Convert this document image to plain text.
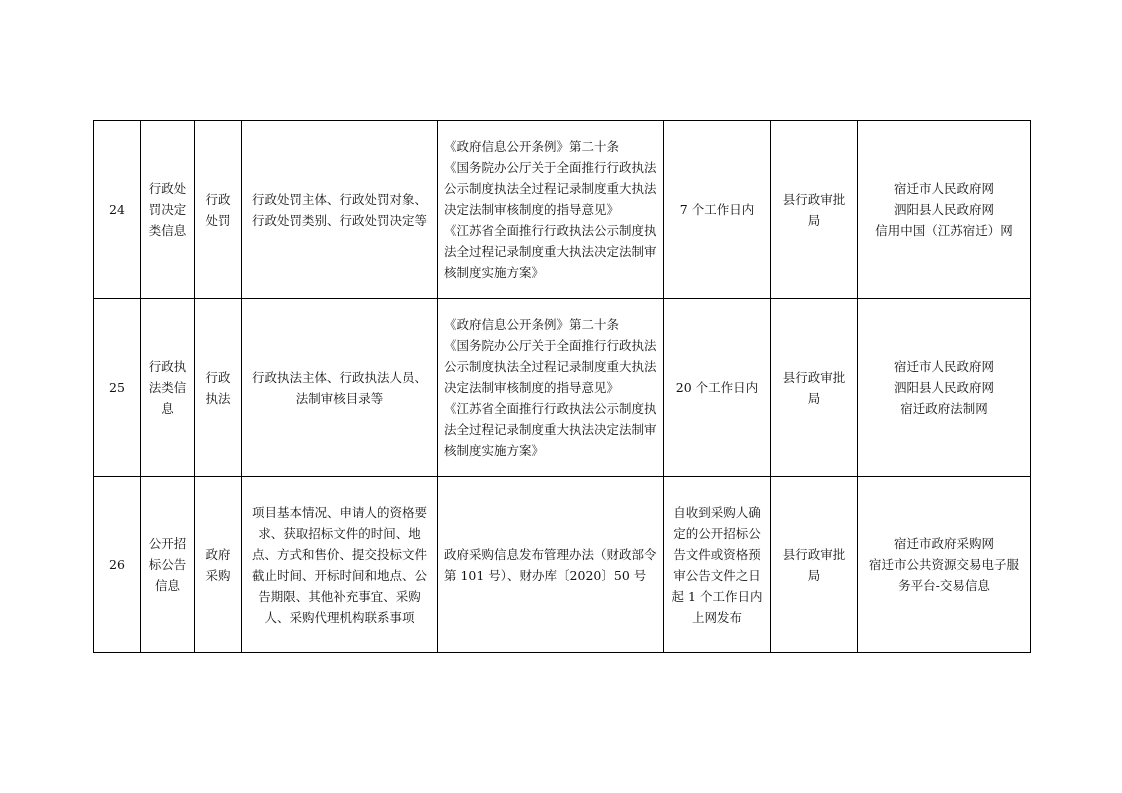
24	行政处罚决定类信息	行政处罚	行政处罚主体、行政处罚对象、行政处罚类别、行政处罚决定等	《政府信息公开条例》第二十条
《国务院办公厅关于全面推行行政执法公示制度执法全过程记录制度重大执法决定法制审核制度的指导意见》
《江苏省全面推行行政执法公示制度执法全过程记录制度重大执法决定法制审核制度实施方案》	7 个工作日内	县行政审批局	宿迁市人民政府网
泗阳县人民政府网
信用中国（江苏宿迁）网

25	行政执法类信息	行政执法	行政执法主体、行政执法人员、法制审核目录等	《政府信息公开条例》第二十条
《国务院办公厅关于全面推行行政执法公示制度执法全过程记录制度重大执法决定法制审核制度的指导意见》
《江苏省全面推行行政执法公示制度执法全过程记录制度重大执法决定法制审核制度实施方案》	20 个工作日内	县行政审批局	宿迁市人民政府网
泗阳县人民政府网
宿迁政府法制网

26	公开招标公告信息	政府采购	项目基本情况、申请人的资格要求、获取招标文件的时间、地点、方式和售价、提交投标文件截止时间、开标时间和地点、公告期限、其他补充事宜、采购人、采购代理机构联系事项	政府采购信息发布管理办法（财政部令第 101 号）、财办库〔2020〕50 号	自收到采购人确定的公开招标公告文件或资格预审公告文件之日起 1 个工作日内上网发布	县行政审批局	宿迁市政府采购网
宿迁市公共资源交易电子服务平台-交易信息
